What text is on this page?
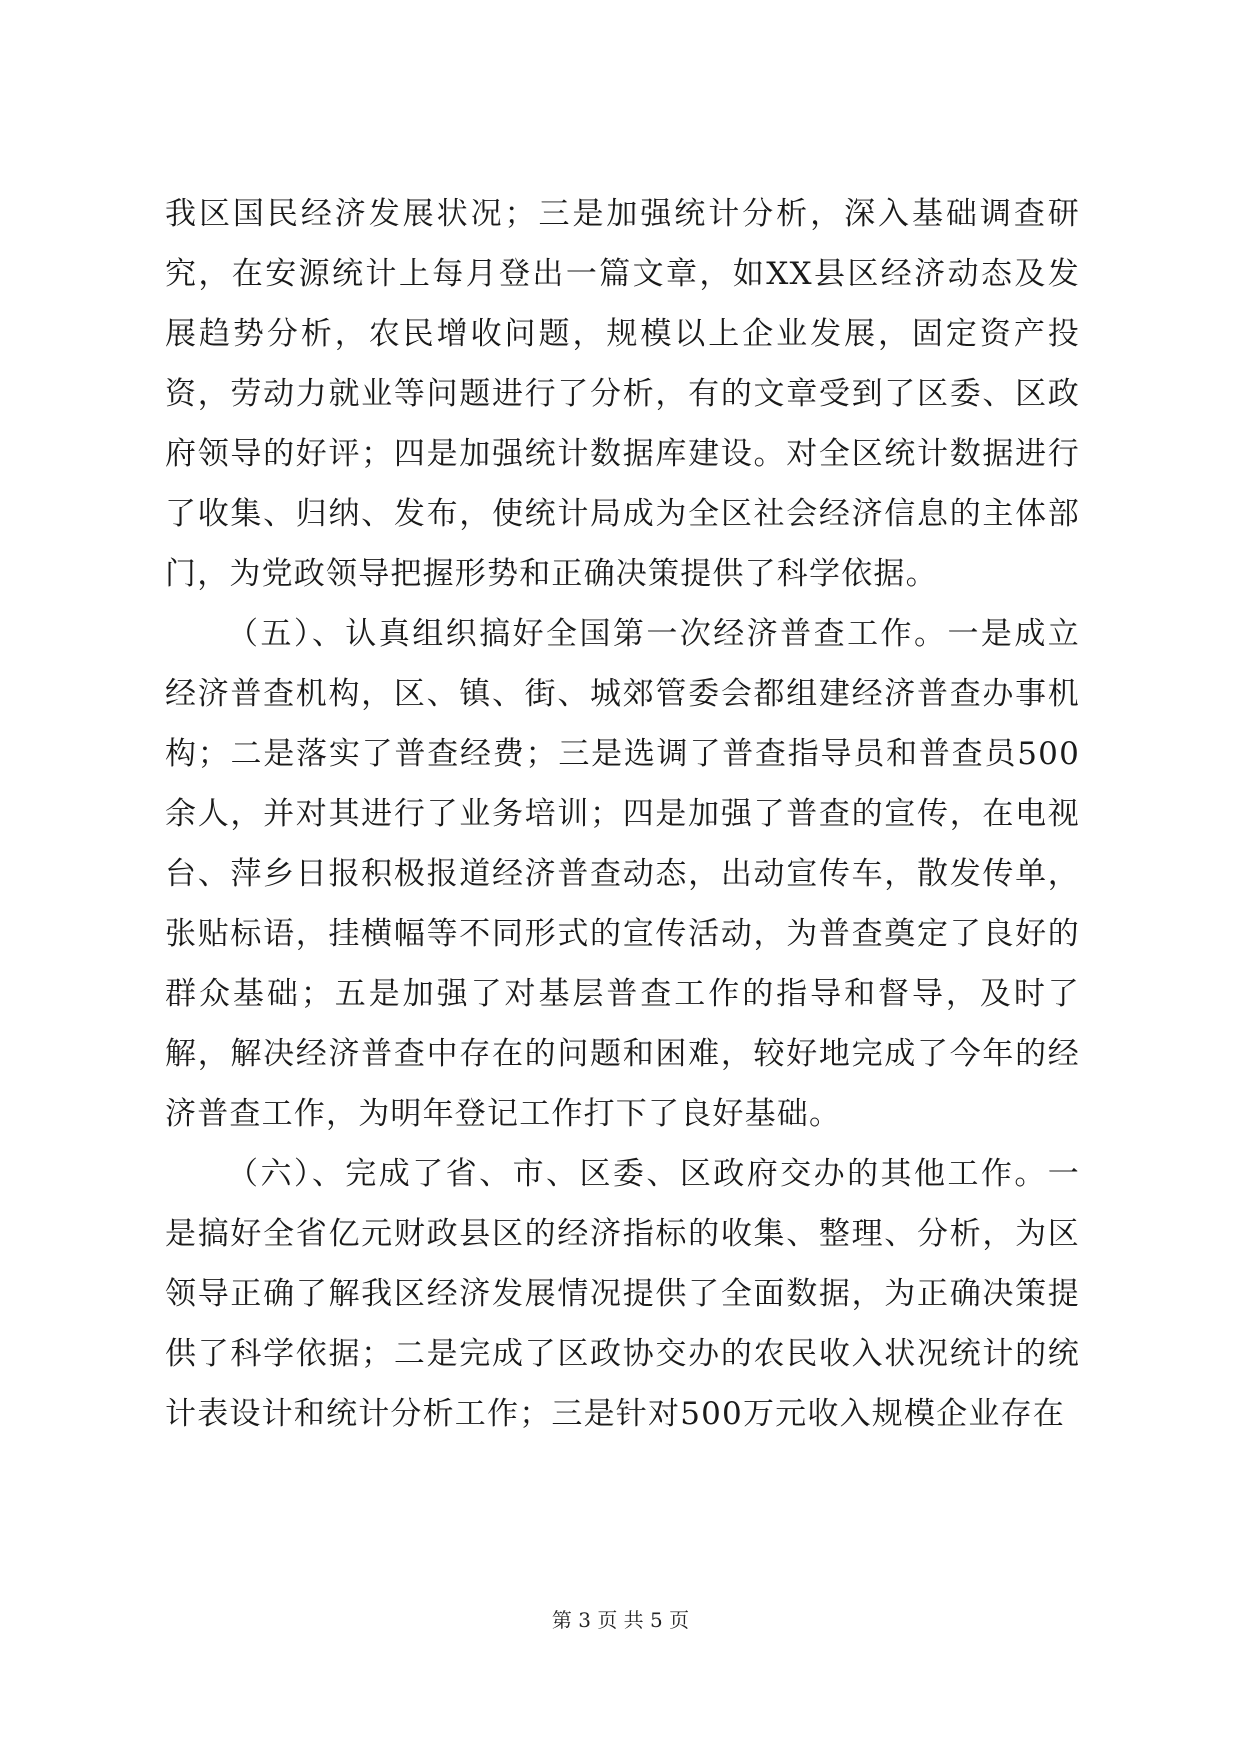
我区国民经济发展状况；三是加强统计分析，深入基础调查研究，在安源统计上每月登出一篇文章，如XX县区经济动态及发展趋势分析，农民增收问题，规模以上企业发展，固定资产投资，劳动力就业等问题进行了分析，有的文章受到了区委、区政府领导的好评；四是加强统计数据库建设。对全区统计数据进行了收集、归纳、发布，使统计局成为全区社会经济信息的主体部门，为党政领导把握形势和正确决策提供了科学依据。

（五）、认真组织搞好全国第一次经济普查工作。一是成立经济普查机构，区、镇、街、城郊管委会都组建经济普查办事机构；二是落实了普查经费；三是选调了普查指导员和普查员500余人，并对其进行了业务培训；四是加强了普查的宣传，在电视台、萍乡日报积极报道经济普查动态，出动宣传车，散发传单，张贴标语，挂横幅等不同形式的宣传活动，为普查奠定了良好的群众基础；五是加强了对基层普查工作的指导和督导，及时了解，解决经济普查中存在的问题和困难，较好地完成了今年的经济普查工作，为明年登记工作打下了良好基础。

（六）、完成了省、市、区委、区政府交办的其他工作。一是搞好全省亿元财政县区的经济指标的收集、整理、分析，为区领导正确了解我区经济发展情况提供了全面数据，为正确决策提供了科学依据；二是完成了区政协交办的农民收入状况统计的统计表设计和统计分析工作；三是针对500万元收入规模企业存在

第 3 页 共 5 页
